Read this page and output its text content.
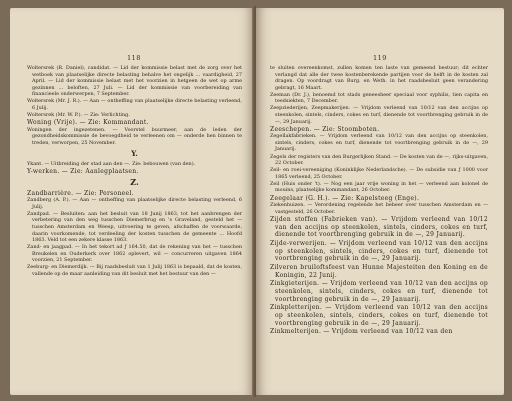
118

Woltersrek (R. Daniel), candidat. — Lid der kommissie belast met de zorg over het wetboek van plaatselijke directe belasting behalve het ongelijk ... vaardigheid, 27 April. — Lid der kommissie belast met het voorzien in hetgeen de wet op arme gezinnen ... beloften, 27 Juli. — Lid der kommissie van voorbereiding van financieele onderwerpen, 7 September.

Woltersrek (Mr. J. R.). — Aan — ontheffing van plaatselijke directe belasting verleend, 6 Julij.

Woltersrek (Mr. W. P.). — Zie: Verlichting.

Woning (Vrije). — Zie: Kommandant.

Woningen der ingezetenen. — Voorstel buurmeer, aan de leden der gezondheidskommissie de bevoegdheid te verleenen om — onderde hen binnen te treden, verworpen, 25 November.

Y.

Ykant. — Uitbreiding der stad aan den —. Zie: bebouwen (van den).

Y-werken. — Zie: Aanlegplaatsen.

Z.

Zandbarrière. — Zie: Personeel.

Zandberg (A. P.). — Aan — ontheffing van plaatselijke directe belasting verleend, 6 Julij.

Zandpad. — Besluiten: aan het besluit van 18 Junij 1863, tot het aanbrengen der verbetering van den weg tusschen Diemerbrug en 's Graveland, gesteld het — tusschen Amsterdam en Weesp, uitvoering te geven, afschaffen de voorwaarde, daarin voorkomende, tot verdeeling der kosten tusschen de gemeente ... Hoofd 1863. Veld tot een zekere klasse 1863.

Zand- en jaagpad. — In het tekort ad ƒ 164.50, dat de rekening van het — tusschen Breukelen en Ouderkerk over 1862 oplevert, wil — concurreren uitgaven 1864 voorzien, 21 September.

Zeeburg- en Diemerdijk. — Bij raadsbesluit van 1 Julij 1863 is bepaald, dat de kosten, vallende op de maar aanleiding van dit besluit met het bestuur van den —

119

te sluiten overeenkomst, zullen komen ten laste van gemeend bestuur; dit echter verlangd dat alle der twee kostenberekende partijen voor de helft in de kosten zal dragen. Op voordragt van Burg. en Weth. in het raadsbesluit geen verandering gebragt, 16 Maart.

Zeeman (Dr. J.), benoemd tot stads geneesheer speciaal voor syphilis, tien capita en teedsiekten, 7 December.

Zeepziederijen, Zeepmakerijen. — Vrijdom verleend van 10/12 van den accijns op steenkolen, sintels, cinders, cokes en turf, dienende tot voortbrenging gebruik in de —, 29 Januarij.

Zeeschepen. — Zie: Stoomboten.

Zegellakfabrieken. — Vrijdom verleend van 10/12 van den accijns op steenkolen, sintels, cinders, cokes en turf, dienende tot voortbrenging gebruik in de —, 29 Januarij.

Zegels der registers van den Burgerlijken Stand. — De kosten van de —, rijks-uitgaven, 22 October.

Zeil- en roei-vereeniging (Koninklijke Nederlandsche). — De subsidie van ƒ 1000 voor 1865 verleend, 25 October.

Zeil (Huis onder 't). — Nog een jaar vrije woning in het — verleend aan kolonel de mouins, plaatselijke kommandant, 26 October.

Zeegelaar (G. H.). — Zie: Kapelsteeg (Enge).

Ziekenhuizen. — Verordening regelende het beheer over tusschen Amsterdam en — vastgesteld, 26 October.

Zijden stoffen (Fabrieken van). — Vrijdom verleend van 10/12 van den accijns op steenkolen, sintels, cinders, cokes en turf, dienende tot voortbrenging gebruik in de —, 29 Januarij.

Zijde-verwerijen. — Vrijdom verleend van 10/12 van den accijns op steenkolen, sintels, cinders, cokes en turf, dienende tot voortbrenging gebruik in de —, 29 Januarij.

Zilveren bruiloftsfeest van Hunne Majesteiten den Koning en de Koningin, 22 Junij.

Zinkgieterijen. — Vrijdom verleend van 10/12 van den accijns op steenkolen, sintels, cinders, cokes en turf, dienende tot voortbrenging gebruik in de —, 29 Januarij.

Zinkpletterijen. — Vrijdom verleend van 10/12 van den accijns op steenkolen, sintels, cinders, cokes en turf, dienende tot voortbrenging gebruik in de —, 29 Januarij.

Zinkmelterijen. — Vrijdom verleend van 10/12 van den
